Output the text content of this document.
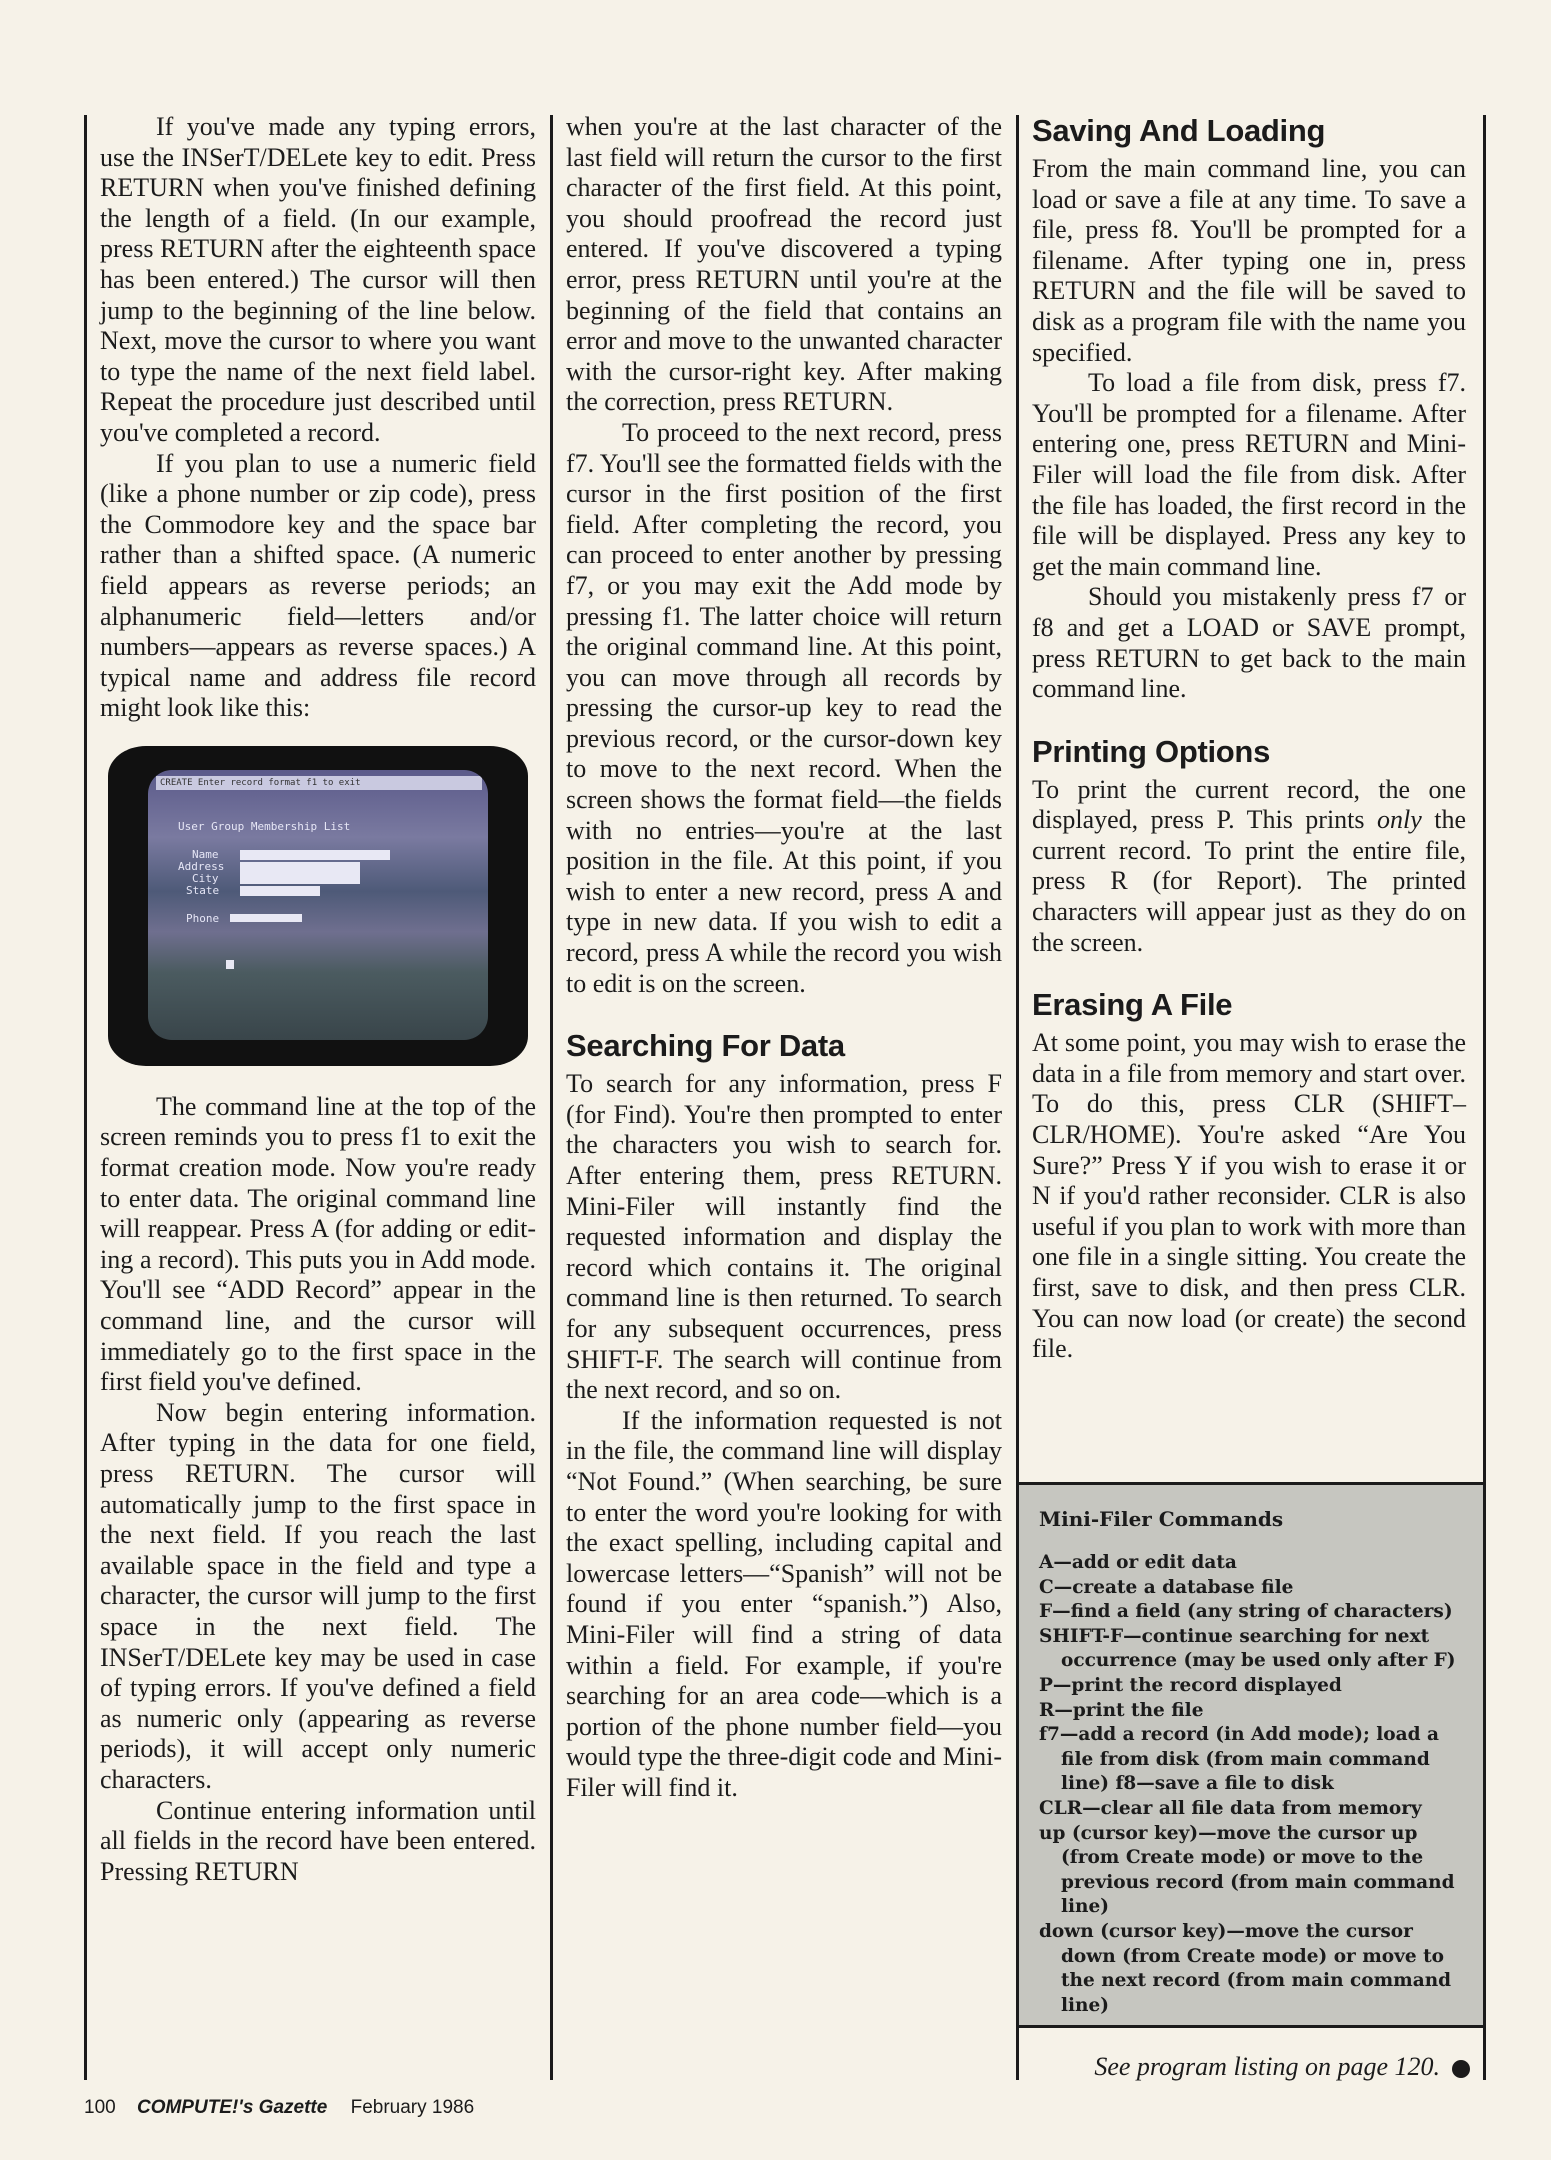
If you've made any typing errors, use the INSerT/DELete key to edit. Press RETURN when you've finished defining the length of a field. (In our example, press RETURN after the eighteenth space has been entered.) The cursor will then jump to the beginning of the line below. Next, move the cursor to where you want to type the name of the next field label. Repeat the procedure just described until you've completed a record.

If you plan to use a numeric field (like a phone number or zip code), press the Commodore key and the space bar rather than a shifted space. (A numeric field appears as reverse periods; an alphanumeric field—letters and/or numbers—appears as reverse spaces.) A typical name and address file record might look like this:

CREATE Enter record format f1 to exit
User Group Membership List
Name
Address
City
State
Phone

The command line at the top of the screen reminds you to press f1 to exit the format creation mode. Now you're ready to enter data. The original command line will reappear. Press A (for adding or editing a record). This puts you in Add mode. You'll see “ADD Record” appear in the command line, and the cursor will immediately go to the first space in the first field you've defined.

Now begin entering information. After typing in the data for one field, press RETURN. The cursor will automatically jump to the first space in the next field. If you reach the last available space in the field and type a character, the cursor will jump to the first space in the next field. The INSerT/DELete key may be used in case of typing errors. If you've defined a field as numeric only (appearing as reverse periods), it will accept only numeric characters.

Continue entering information until all fields in the record have been entered. Pressing RETURN

when you're at the last character of the last field will return the cursor to the first character of the first field. At this point, you should proofread the record just entered. If you've discovered a typing error, press RETURN until you're at the beginning of the field that contains an error and move to the unwanted character with the cursor-right key. After making the correction, press RETURN.

To proceed to the next record, press f7. You'll see the formatted fields with the cursor in the first position of the first field. After completing the record, you can proceed to enter another by pressing f7, or you may exit the Add mode by pressing f1. The latter choice will return the original command line. At this point, you can move through all records by pressing the cursor-up key to read the previous record, or the cursor-down key to move to the next record. When the screen shows the format field—the fields with no entries—you're at the last position in the file. At this point, if you wish to enter a new record, press A and type in new data. If you wish to edit a record, press A while the record you wish to edit is on the screen.

Searching For Data

To search for any information, press F (for Find). You're then prompted to enter the characters you wish to search for. After entering them, press RETURN. Mini-Filer will instantly find the requested information and display the record which contains it. The original command line is then returned. To search for any subsequent occurrences, press SHIFT-F. The search will continue from the next record, and so on.

If the information requested is not in the file, the command line will display “Not Found.” (When searching, be sure to enter the word you're looking for with the exact spelling, including capital and lowercase letters—“Spanish” will not be found if you enter “spanish.”) Also, Mini-Filer will find a string of data within a field. For example, if you're searching for an area code—which is a portion of the phone number field—you would type the three-digit code and Mini-Filer will find it.

Saving And Loading

From the main command line, you can load or save a file at any time. To save a file, press f8. You'll be prompted for a filename. After typing one in, press RETURN and the file will be saved to disk as a program file with the name you specified.

To load a file from disk, press f7. You'll be prompted for a filename. After entering one, press RETURN and Mini-Filer will load the file from disk. After the file has loaded, the first record in the file will be displayed. Press any key to get the main command line.

Should you mistakenly press f7 or f8 and get a LOAD or SAVE prompt, press RETURN to get back to the main command line.

Printing Options

To print the current record, the one displayed, press P. This prints only the current record. To print the entire file, press R (for Report). The printed characters will appear just as they do on the screen.

Erasing A File

At some point, you may wish to erase the data in a file from memory and start over. To do this, press CLR (SHIFT–CLR/HOME). You're asked “Are You Sure?” Press Y if you wish to erase it or N if you'd rather reconsider. CLR is also useful if you plan to work with more than one file in a single sitting. You create the first, save to disk, and then press CLR. You can now load (or create) the second file.

Mini-Filer Commands
A—add or edit data
C—create a database file
F—find a field (any string of characters)
SHIFT-F—continue searching for next occurrence (may be used only after F)
P—print the record displayed
R—print the file
f7—add a record (in Add mode); load a file from disk (from main command line) f8—save a file to disk
CLR—clear all file data from memory
up (cursor key)—move the cursor up (from Create mode) or move to the previous record (from main command line)
down (cursor key)—move the cursor down (from Create mode) or move to the next record (from main command line)
See program listing on page 120.
100 COMPUTE!'s Gazette February 1986
